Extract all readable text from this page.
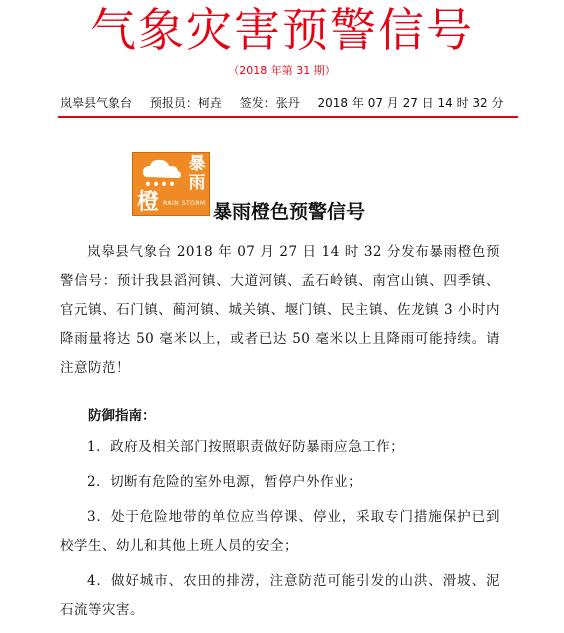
气象灾害预警信号
（2018 年第 31 期）
岚皋县气象台 预报员：柯垚 签发：张丹 2018 年 07 月 27 日 14 时 32 分
暴
雨
橙 RAIN STORM 暴雨橙色预警信号
岚皋县气象台 2018 年 07 月 27 日 14 时 32 分发布暴雨橙色预警信号：预计我县滔河镇、大道河镇、孟石岭镇、南宫山镇、四季镇、官元镇、石门镇、蔺河镇、城关镇、堰门镇、民主镇、佐龙镇 3 小时内降雨量将达 50 毫米以上，或者已达 50 毫米以上且降雨可能持续。请注意防范！
防御指南：
1．政府及相关部门按照职责做好防暴雨应急工作；
2．切断有危险的室外电源，暂停户外作业；
3．处于危险地带的单位应当停课、停业，采取专门措施保护已到校学生、幼儿和其他上班人员的安全；
4．做好城市、农田的排涝，注意防范可能引发的山洪、滑坡、泥石流等灾害。
